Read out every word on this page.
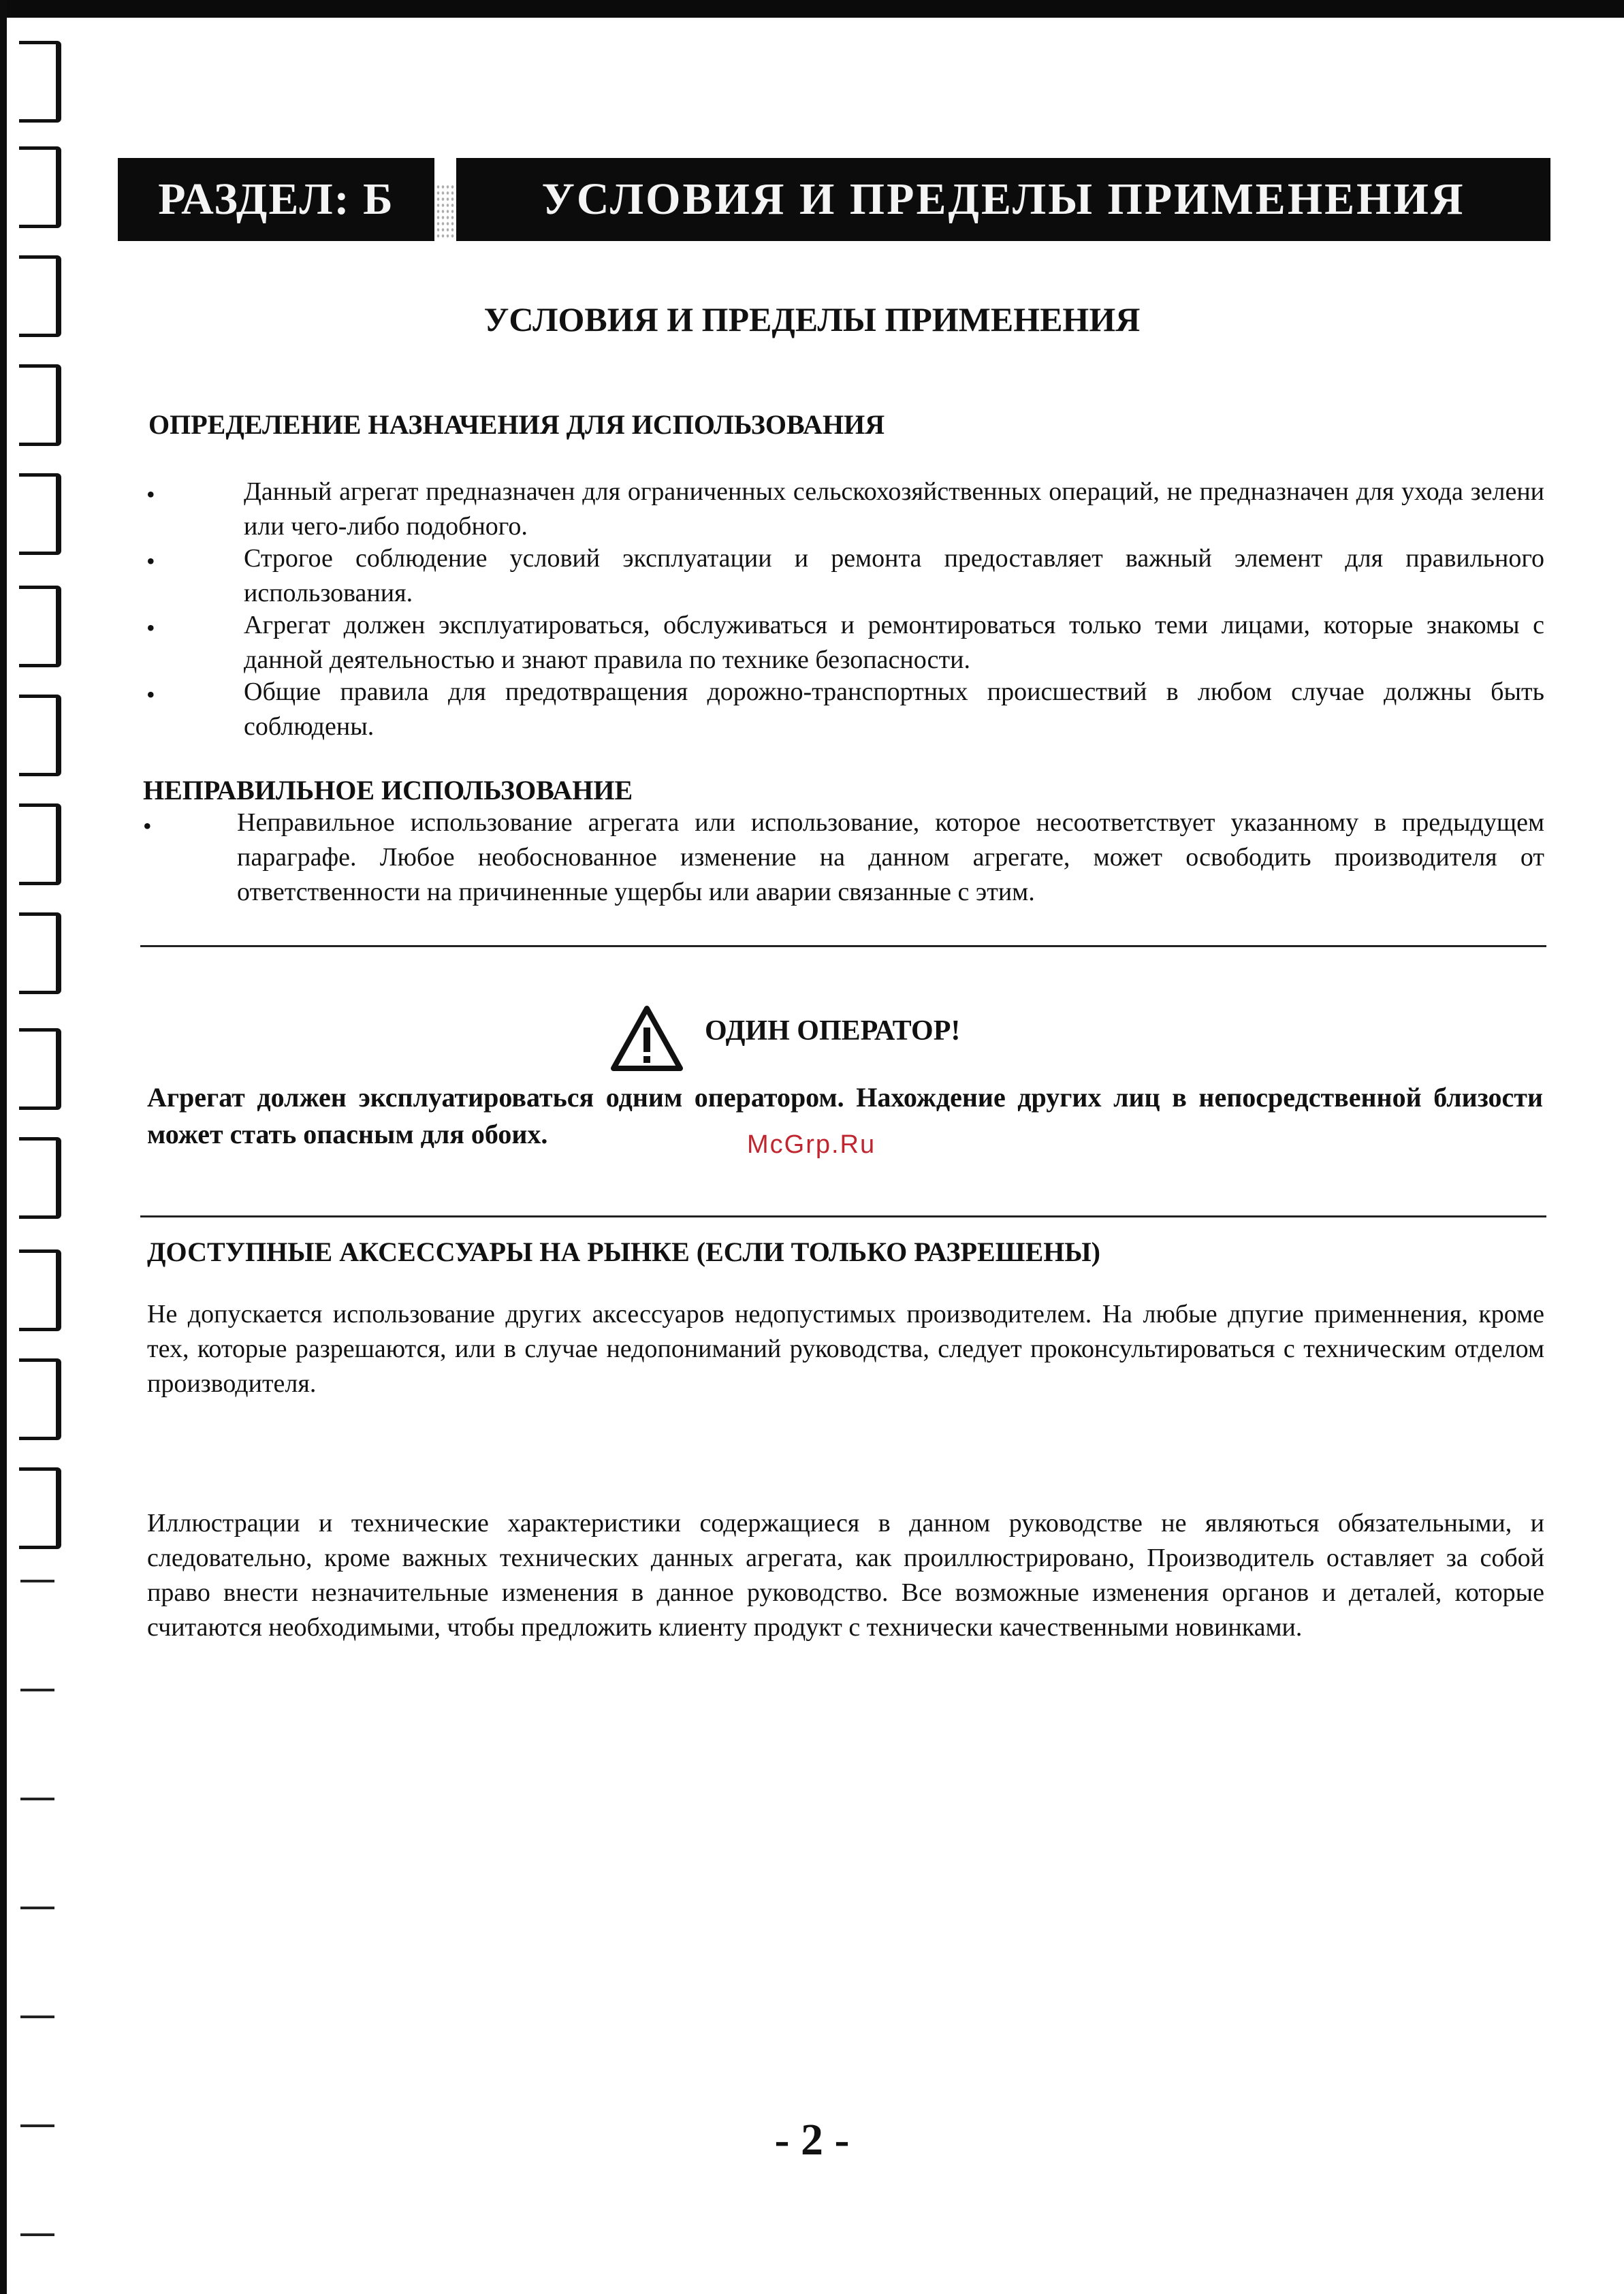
РАЗДЕЛ: Б	УСЛОВИЯ И ПРЕДЕЛЫ ПРИМЕНЕНИЯ
УСЛОВИЯ И ПРЕДЕЛЫ ПРИМЕНЕНИЯ
ОПРЕДЕЛЕНИЕ НАЗНАЧЕНИЯ ДЛЯ ИСПОЛЬЗОВАНИЯ
•	Данный агрегат предназначен для ограниченных сельскохозяйственных операций, не предназначен для ухода зелени или чего-либо подобного.
•	Строгое соблюдение условий эксплуатации и ремонта предоставляет важный элемент для правильного использования.
•	Агрегат должен эксплуатироваться, обслуживаться и ремонтироваться только теми лицами, которые знакомы с данной деятельностью и знают правила по технике безопасности.
•	Общие правила для предотвращения дорожно-транспортных происшествий в любом случае должны быть соблюдены.
НЕПРАВИЛЬНОЕ ИСПОЛЬЗОВАНИЕ
•	Неправильное использование агрегата или использование, которое несоответствует указанному в предыдущем параграфе. Любое необоснованное изменение на данном агрегате, может освободить производителя от ответственности на причиненные ущербы или аварии связанные с этим.
ОДИН ОПЕРАТОР!
Агрегат должен эксплуатироваться одним оператором. Нахождение других лиц в непосредственной близости может стать опасным для обоих.	McGrp.Ru
ДОСТУПНЫЕ АКСЕССУАРЫ НА РЫНКЕ (ЕСЛИ ТОЛЬКО РАЗРЕШЕНЫ)
Не допускается использование других аксессуаров недопустимых производителем. На любые дпугие применнения, кроме тех, которые разрешаются, или в случае недопониманий руководства, следует проконсультироваться с техническим отделом производителя.
Иллюстрации и технические характеристики содержащиеся в данном руководстве не являються обязательными, и следовательно, кроме важных технических данных агрегата, как проиллюстрировано, Производитель оставляет за собой право внести незначительные изменения в данное руководство. Все возможные изменения органов и деталей, которые считаются необходимыми, чтобы предложить клиенту продукт с технически качественными новинками.
- 2 -
